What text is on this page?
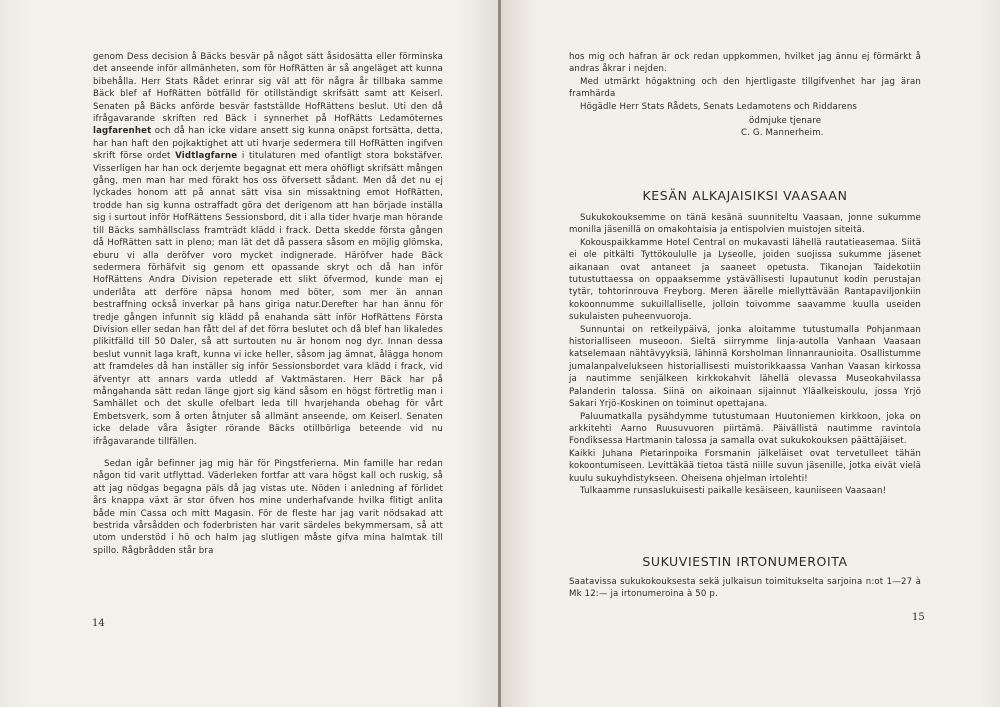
genom Dess decision å Bäcks besvär på något sätt åsidosätta eller förminska det anseende inför allmänheten, som för HofRätten är så angeläget att kunna bibehålla. Herr Stats Rådet erinrar sig väl att för några år tillbaka samme Bäck blef af HofRätten bötfälld för otillständigt skrifsätt samt att Keiserl. Senaten på Bäcks anförde besvär fastställde HofRättens beslut. Uti den då ifrågavarande skriften red Bäck i synnerhet på HofRätts Ledamöternes lagfarenhet och då han icke vidare ansett sig kunna onäpst fortsätta, detta, har han haft den pojkaktighet att uti hvarje sedermera till HofRätten ingifven skrift förse ordet Vidtlagfarne i titulaturen med ofantligt stora bokstäfver. Visserligen har han ock derjemte begagnat ett mera ohöfligt skrifsätt mången gång, men man har med förakt hos oss öfversett sådant. Men då det nu ej lyckades honom att på annat sätt visa sin missaktning emot HofRätten, trodde han sig kunna ostraffadt göra det derigenom att han började inställa sig i surtout inför HofRättens Sessionsbord, dit i alla tider hvarje man hörande till Bäcks samhällsclass framträdt klädd i frack. Detta skedde första gången då HofRätten satt in pleno; man lät det då passera såsom en möjlig glömska, eburu vi alla deröfver voro mycket indignerade. Häröfver hade Bäck sedermera förhäfvit sig genom ett opassande skryt och då han inför HofRättens Andra Division repeterade ett slikt öfvermod, kunde man ej underlåta att derföre näpsa honom med böter, som mer än annan bestraffning också inverkar på hans giriga natur.Derefter har han ännu för tredje gången infunnit sig klädd på enahanda sätt inför HofRättens Första Division eller sedan han fått del af det förra beslutet och då blef han likaledes plikitfälld till 50 Daler, så att surtouten nu är honom nog dyr. Innan dessa beslut vunnit laga kraft, kunna vi icke heller, såsom jag ämnat, ålägga honom att framdeles då han inställer sig inför Sessionsbordet vara klädd i frack, vid äfventyr att annars varda utledd af Vaktmästaren. Herr Bäck har på mångahanda sätt redan länge gjort sig känd såsom en högst förtretlig man i Samhället och det skulle ofelbart leda till hvarjehanda obehag för vårt Embetsverk, som å orten åtnjuter så allmänt anseende, om Keiserl. Senaten icke delade våra åsigter rörande Bäcks otillbörliga beteende vid nu ifrågavarande tillfällen.

Sedan igår befinner jag mig här för Pingstferierna. Min famille har redan någon tid varit utflyttad. Väderleken fortfar att vara högst kall och ruskig, så att jag nödgas begagna päls då jag vistas ute. Nöden i anledning af förlidet års knappa växt är stor öfven hos mine underhafvande hvilka flitigt anlita både min Cassa och mitt Magasin. För de fleste har jag varit nödsakad att bestrida vårsådden och foderbristen har varit särdeles bekymmersam, så att utom understöd i hö och halm jag slutligen måste gifva mina halmtak till spillo. Rågbrådden står bra

14

hos mig och hafran är ock redan uppkommen, hvilket jag ännu ej förmärkt å andras åkrar i nejden.

Med utmärkt högaktning och den hjertligaste tillgifvenhet har jag äran framhärda

Högädle Herr Stats Rådets, Senats Ledamotens och Riddarens

ödmjuke tjenare

C. G. Mannerheim.

KESÄN ALKAJAISIKSI VAASAAN

Sukukokouksemme on tänä kesänä suunniteltu Vaasaan, jonne sukumme monilla jäsenillä on omakohtaisia ja entispolvien muistojen siteitä.

Kokouspaikkamme Hotel Central on mukavasti lähellä rautatieasemaa. Siitä ei ole pitkälti Tyttökoululle ja Lyseolle, joiden suojissa sukumme jäsenet aikanaan ovat antaneet ja saaneet opetusta. Tikanojan Taidekotiin tutustuttaessa on oppaaksemme ystävällisesti lupautunut kodin perustajan tytär, tohtorinrouva Freyborg. Meren äärelle miellyttävään Rantapaviljonkiin kokoonnumme sukuillalliselle, jolloin toivomme saavamme kuulla useiden sukulaisten puheenvuoroja.

Sunnuntai on retkeilypäivä, jonka aloitamme tutustumalla Pohjanmaan historialliseen museoon. Sieltä siirrymme linja-autolla Vanhaan Vaasaan katselemaan nähtävyyksiä, lähinnä Korsholman linnanraunioita. Osallistumme jumalanpalvelukseen historiallisesti muistorikkaassa Vanhan Vaasan kirkossa ja nautimme senjälkeen kirkkokahvit lähellä olevassa Museokahvilassa Palanderin talossa. Siinä on aikoinaan sijainnut Yläalkeiskoulu, jossa Yrjö Sakari Yrjö-Koskinen on toiminut opettajana.

Paluumatkalla pysähdymme tutustumaan Huutoniemen kirkkoon, joka on arkkitehti Aarno Ruusuvuoren piirtämä. Päivällistä nautimme ravintola Fondiksessa Hartmanin talossa ja samalla ovat sukukokouksen päättäjäiset.

Kaikki Juhana Pietarinpoika Forsmanin jälkeläiset ovat tervetulleet tähän kokoontumiseen. Levittäkää tietoa tästä niille suvun jäsenille, jotka eivät vielä kuulu sukuyhdistykseen. Oheisena ohjelman irtolehti!

Tulkaamme runsaslukuisesti paikalle kesäiseen, kauniiseen Vaasaan!

SUKUVIESTIN IRTONUMEROITA

Saatavissa sukukokouksesta sekä julkaisun toimitukselta sarjoina n:ot 1—27 à Mk 12:— ja irtonumeroina à 50 p.

15
